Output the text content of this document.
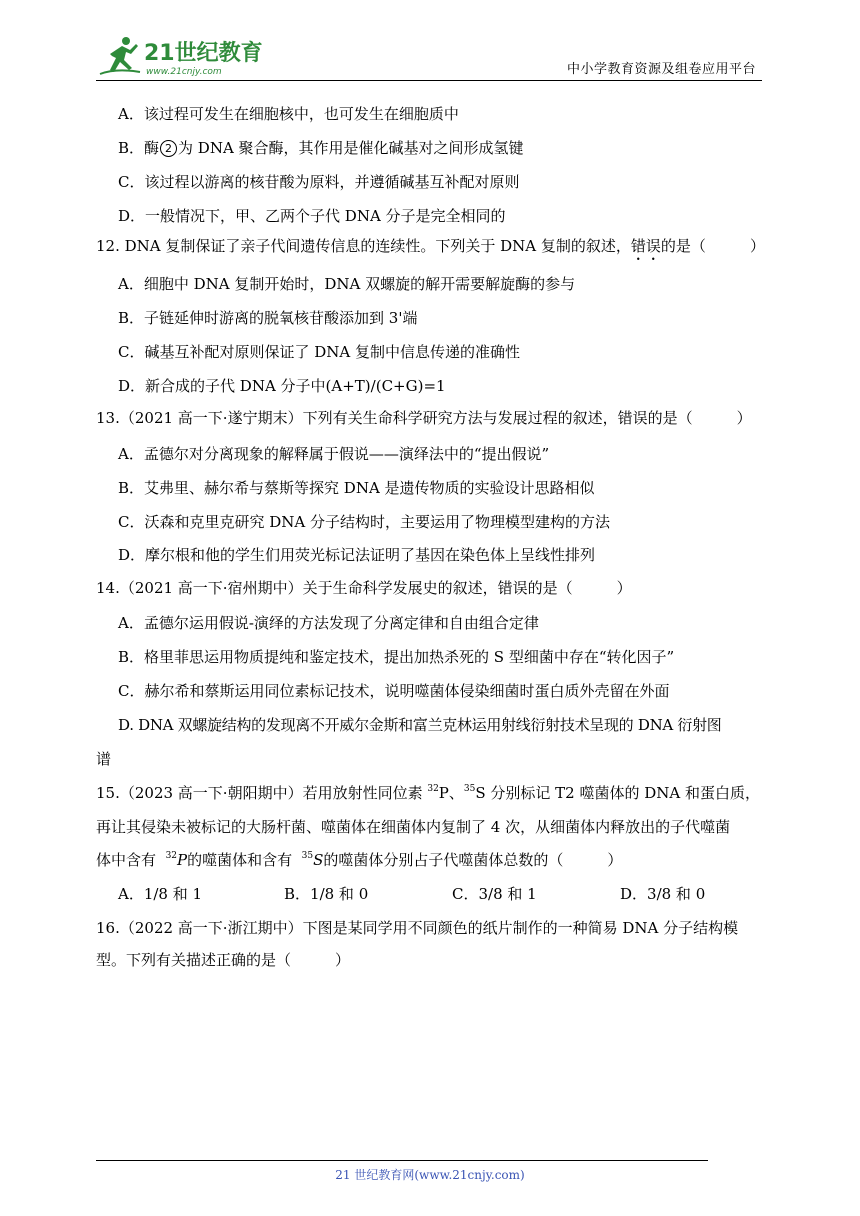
21世纪教育
www.21cnjy.com	中小学教育资源及组卷应用平台
A．该过程可发生在细胞核中，也可发生在细胞质中
B．酶 2 为 DNA 聚合酶，其作用是催化碱基对之间形成氢键
C．该过程以游离的核苷酸为原料，并遵循碱基互补配对原则
D．一般情况下，甲、乙两个子代 DNA 分子是完全相同的
12. DNA 复制保证了亲子代间遗传信息的连续性。下列关于 DNA 复制的叙述，错误的是（	）
A．细胞中 DNA 复制开始时，DNA 双螺旋的解开需要解旋酶的参与
B．子链延伸时游离的脱氧核苷酸添加到 3'端
C．碱基互补配对原则保证了 DNA 复制中信息传递的准确性
D．新合成的子代 DNA 分子中(A+T)/(C+G)=1
13.（2021 高一下·遂宁期末）下列有关生命科学研究方法与发展过程的叙述，错误的是（	）
A．孟德尔对分离现象的解释属于假说——演绎法中的“提出假说”
B．艾弗里、赫尔希与蔡斯等探究 DNA 是遗传物质的实验设计思路相似
C．沃森和克里克研究 DNA 分子结构时，主要运用了物理模型建构的方法
D．摩尔根和他的学生们用荧光标记法证明了基因在染色体上呈线性排列
14.（2021 高一下·宿州期中）关于生命科学发展史的叙述，错误的是（	）
A．孟德尔运用假说-演绎的方法发现了分离定律和自由组合定律
B．格里菲思运用物质提纯和鉴定技术，提出加热杀死的 S 型细菌中存在“转化因子”
C．赫尔希和蔡斯运用同位素标记技术，说明噬菌体侵染细菌时蛋白质外壳留在外面
D. DNA 双螺旋结构的发现离不开威尔金斯和富兰克林运用射线衍射技术呈现的 DNA 衍射图
谱
15.（2023 高一下·朝阳期中）若用放射性同位素 $^{32}$P、$^{35}$S 分别标记 T2 噬菌体的 DNA 和蛋白质，
再让其侵染未被标记的大肠杆菌、噬菌体在细菌体内复制了 4 次，从细菌体内释放出的子代噬菌
体中含有 $^{32}$P的噬菌体和含有 $^{35}$S的噬菌体分别占子代噬菌体总数的（	）
A．1/8 和 1	B．1/8 和 0	C．3/8 和 1	D．3/8 和 0
16.（2022 高一下·浙江期中）下图是某同学用不同颜色的纸片制作的一种简易 DNA 分子结构模
型。下列有关描述正确的是（	）
21 世纪教育网(www.21cnjy.com)
